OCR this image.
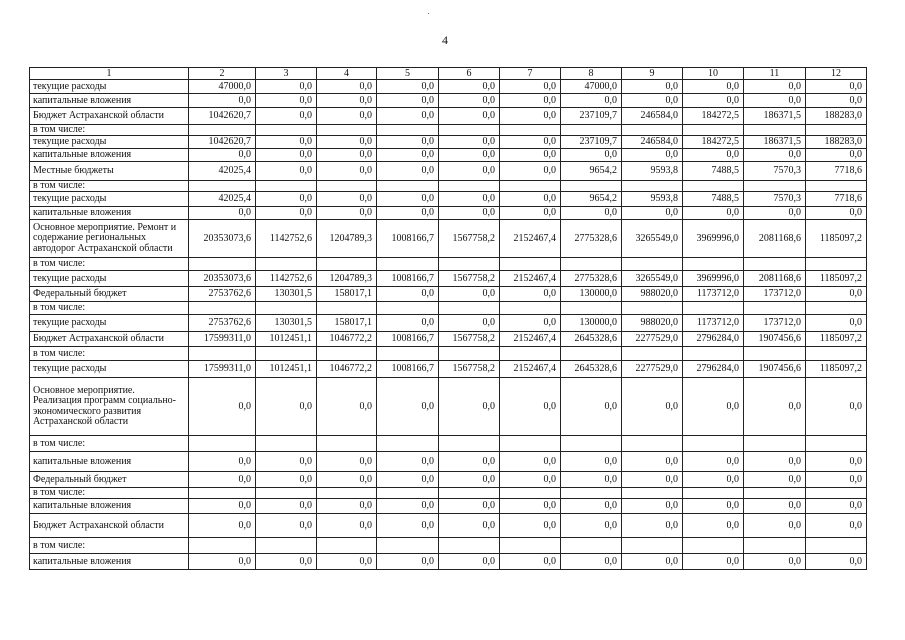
4
1	2	3	4	5	6	7	8	9	10	11	12
текущие расходы	47000,0	0,0	0,0	0,0	0,0	0,0	47000,0	0,0	0,0	0,0	0,0
капитальные вложения	0,0	0,0	0,0	0,0	0,0	0,0	0,0	0,0	0,0	0,0	0,0
Бюджет Астраханской области	1042620,7	0,0	0,0	0,0	0,0	0,0	237109,7	246584,0	184272,5	186371,5	188283,0
в том числе:											
текущие расходы	1042620,7	0,0	0,0	0,0	0,0	0,0	237109,7	246584,0	184272,5	186371,5	188283,0
капитальные вложения	0,0	0,0	0,0	0,0	0,0	0,0	0,0	0,0	0,0	0,0	0,0
Местные бюджеты	42025,4	0,0	0,0	0,0	0,0	0,0	9654,2	9593,8	7488,5	7570,3	7718,6
в том числе:											
текущие расходы	42025,4	0,0	0,0	0,0	0,0	0,0	9654,2	9593,8	7488,5	7570,3	7718,6
капитальные вложения	0,0	0,0	0,0	0,0	0,0	0,0	0,0	0,0	0,0	0,0	0,0
Основное мероприятие. Ремонт и содержание регионaльных автодорог Астраханской области	20353073,6	1142752,6	1204789,3	1008166,7	1567758,2	2152467,4	2775328,6	3265549,0	3969996,0	2081168,6	1185097,2
в том числе:											
текущие расходы	20353073,6	1142752,6	1204789,3	1008166,7	1567758,2	2152467,4	2775328,6	3265549,0	3969996,0	2081168,6	1185097,2
Федеральный бюджет	2753762,6	130301,5	158017,1	0,0	0,0	0,0	130000,0	988020,0	1173712,0	173712,0	0,0
в том числе:											
текущие расходы	2753762,6	130301,5	158017,1	0,0	0,0	0,0	130000,0	988020,0	1173712,0	173712,0	0,0
Бюджет Астраханской области	17599311,0	1012451,1	1046772,2	1008166,7	1567758,2	2152467,4	2645328,6	2277529,0	2796284,0	1907456,6	1185097,2
в том числе:											
текущие расходы	17599311,0	1012451,1	1046772,2	1008166,7	1567758,2	2152467,4	2645328,6	2277529,0	2796284,0	1907456,6	1185097,2
Основное мероприятие. Реализация программ социально-экономического развития Астраханской области	0,0	0,0	0,0	0,0	0,0	0,0	0,0	0,0	0,0	0,0	0,0
в том числе:											
капитальные вложения	0,0	0,0	0,0	0,0	0,0	0,0	0,0	0,0	0,0	0,0	0,0
Федеральный бюджет	0,0	0,0	0,0	0,0	0,0	0,0	0,0	0,0	0,0	0,0	0,0
в том числе:											
капитальные вложения	0,0	0,0	0,0	0,0	0,0	0,0	0,0	0,0	0,0	0,0	0,0
Бюджет Астраханской области	0,0	0,0	0,0	0,0	0,0	0,0	0,0	0,0	0,0	0,0	0,0
в том числе:											
капитальные вложения	0,0	0,0	0,0	0,0	0,0	0,0	0,0	0,0	0,0	0,0	0,0
